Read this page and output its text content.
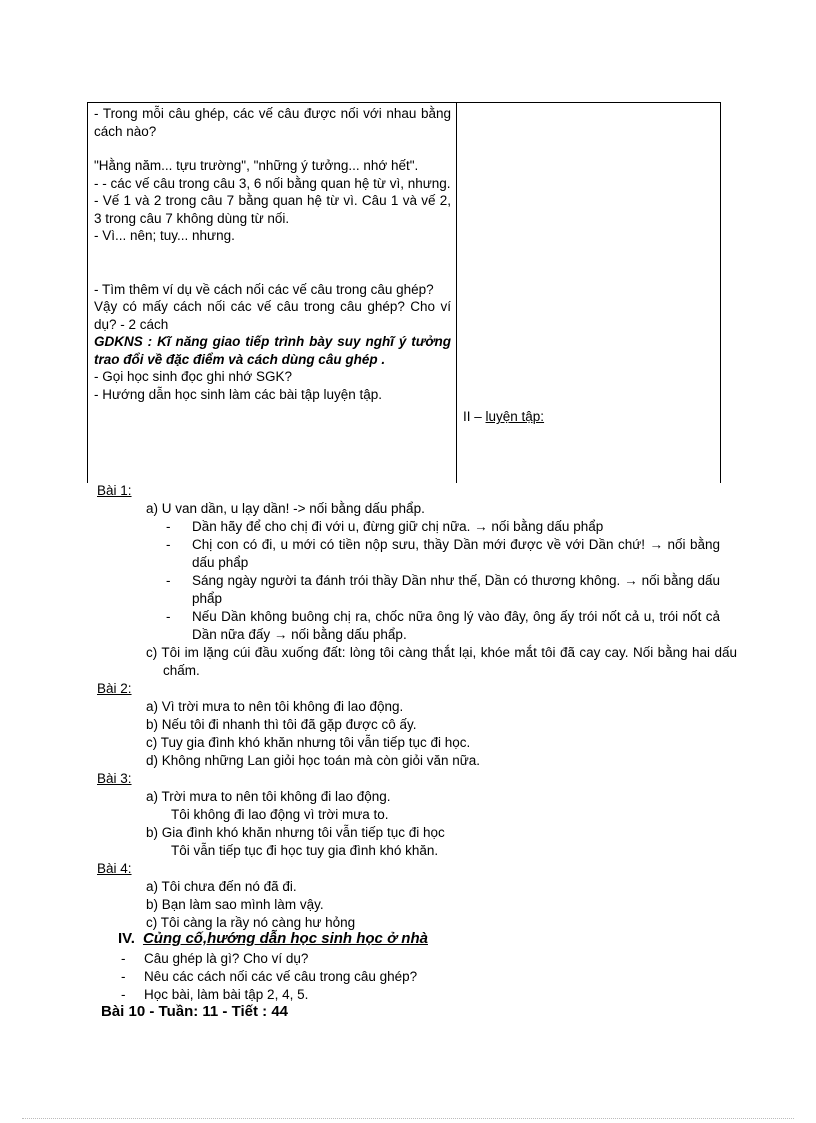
- Trong mỗi câu ghép, các vế câu được nối với nhau bằng cách nào?

"Hằng năm... tựu trường", "những ý tưởng... nhớ hết".

- - các vế câu trong câu 3, 6 nối bằng quan hệ từ vì, nhưng.

- Vế 1 và 2 trong câu 7 bằng quan hệ từ vì. Câu 1 và vế 2, 3 trong câu 7 không dùng từ nối.

- Vì... nên; tuy... nhưng.

- Tìm thêm ví dụ về cách nối các vế câu trong câu ghép?

Vậy có mấy cách nối các vế câu trong câu ghép? Cho ví dụ? - 2 cách

GDKNS : Kĩ năng giao tiếp trình bày suy nghĩ ý tưởng trao đổi về đặc điểm và cách dùng câu ghép .

- Gọi học sinh đọc ghi nhớ SGK?

- Hướng dẫn học sinh làm các bài tập luyện tập.

II – luyện tập:
Bài 1:
a) U van dần, u lạy dần! -> nối bằng dấu phẩp.
- Dần hãy để cho chị đi với u, đừng giữ chị nữa. → nối bằng dấu phẩp
- Chị con có đi, u mới có tiền nộp sưu, thầy Dần mới được về với Dần chứ! → nối bằng dấu phẩp
- Sáng ngày người ta đánh trói thầy Dần như thế, Dần có thương không. → nối bằng dấu phẩp
- Nếu Dần không buông chị ra, chốc nữa ông lý vào đây, ông ấy trói nốt cả u, trói nốt cả Dần nữa đấy → nối bằng dấu phẩp.
c) Tôi im lặng cúi đầu xuống đất: lòng tôi càng thắt lại, khóe mắt tôi đã cay cay. Nối bằng hai dấu chấm.
Bài 2:
a) Vì trời mưa to nên tôi không đi lao động.
b) Nếu tôi đi nhanh thì tôi đã gặp được cô ấy.
c) Tuy gia đình khó khăn nhưng tôi vẫn tiếp tục đi học.
d) Không những Lan giỏi học toán mà còn giỏi văn nữa.
Bài 3:
a) Trời mưa to nên tôi không đi lao động.
Tôi không đi lao động vì trời mưa to.
b) Gia đình khó khăn nhưng tôi vẫn tiếp tục đi học
Tôi vẫn tiếp tục đi học tuy gia đình khó khăn.
Bài 4:
a) Tôi chưa đến nó đã đi.
b) Bạn làm sao mình làm vậy.
c) Tôi càng la rầy nó càng hư hỏng
IV. Củng cố,hướng dẫn học sinh học ở nhà
- Câu ghép là gì? Cho ví dụ?
- Nêu các cách nối các vế câu trong câu ghép?
- Học bài, làm bài tập 2, 4, 5.
Bài 10 - Tuần: 11 - Tiết : 44
